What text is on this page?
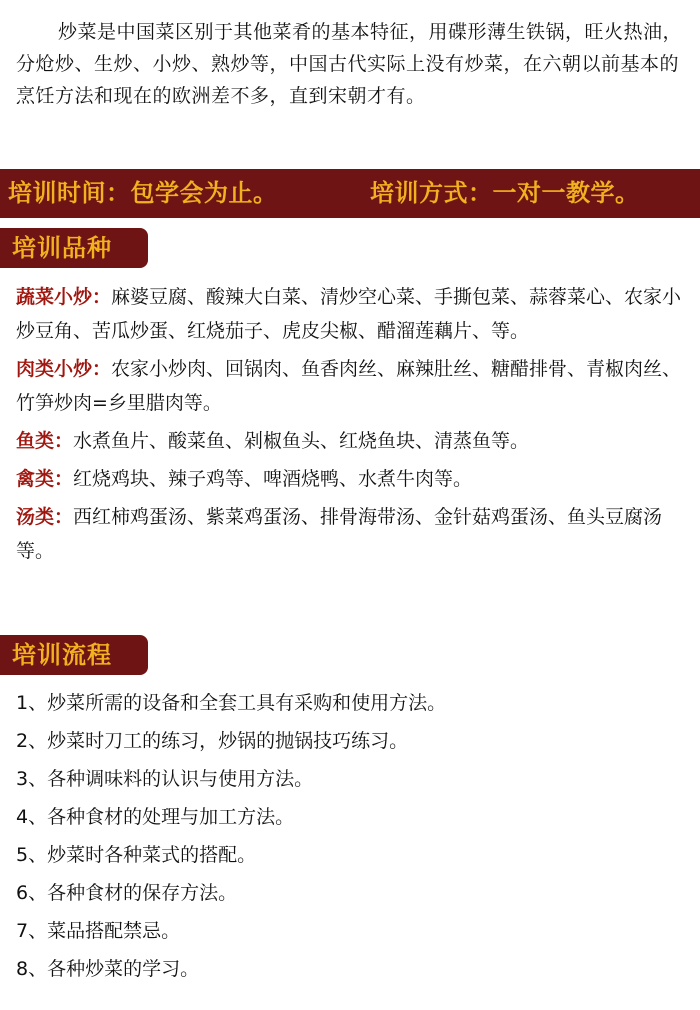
炒菜是中国菜区别于其他菜肴的基本特征，用碟形薄生铁锅，旺火热油，分炝炒、生炒、小炒、熟炒等，中国古代实际上没有炒菜，在六朝以前基本的烹饪方法和现在的欧洲差不多，直到宋朝才有。
培训时间：包学会为止。	培训方式：一对一教学。
培训品种

蔬菜小炒：麻婆豆腐、酸辣大白菜、清炒空心菜、手撕包菜、蒜蓉菜心、农家小炒豆角、苦瓜炒蛋、红烧茄子、虎皮尖椒、醋溜莲藕片、等。

肉类小炒：农家小炒肉、回锅肉、鱼香肉丝、麻辣肚丝、糖醋排骨、青椒肉丝、竹笋炒肉=乡里腊肉等。

鱼类：水煮鱼片、酸菜鱼、剁椒鱼头、红烧鱼块、清蒸鱼等。

禽类：红烧鸡块、辣子鸡等、啤酒烧鸭、水煮牛肉等。

汤类：西红柿鸡蛋汤、紫菜鸡蛋汤、排骨海带汤、金针菇鸡蛋汤、鱼头豆腐汤等。

培训流程
1、炒菜所需的设备和全套工具有采购和使用方法。
2、炒菜时刀工的练习，炒锅的抛锅技巧练习。
3、各种调味料的认识与使用方法。
4、各种食材的处理与加工方法。
5、炒菜时各种菜式的搭配。
6、各种食材的保存方法。
7、菜品搭配禁忌。
8、各种炒菜的学习。
